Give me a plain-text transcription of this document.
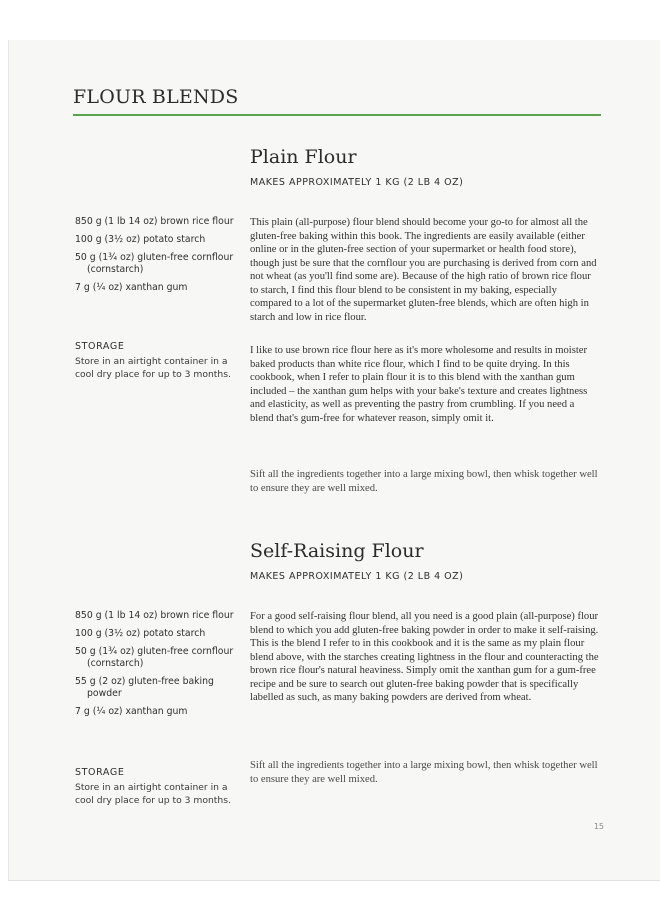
FLOUR BLENDS
Plain Flour

MAKES APPROXIMATELY 1 KG (2 LB 4 OZ)

850 g (1 lb 14 oz) brown rice flour
100 g (3½ oz) potato starch
50 g (1¾ oz) gluten-free cornflour (cornstarch)
7 g (¼ oz) xanthan gum
STORAGE

Store in an airtight container in a cool dry place for up to 3 months.

This plain (all-purpose) flour blend should become your go-to for almost all the gluten-free baking within this book. The ingredients are easily available (either online or in the gluten-free section of your supermarket or health food store), though just be sure that the cornflour you are purchasing is derived from corn and not wheat (as you'll find some are). Because of the high ratio of brown rice flour to starch, I find this flour blend to be consistent in my baking, especially compared to a lot of the supermarket gluten-free blends, which are often high in starch and low in rice flour.

I like to use brown rice flour here as it's more wholesome and results in moister baked products than white rice flour, which I find to be quite drying. In this cookbook, when I refer to plain flour it is to this blend with the xanthan gum included – the xanthan gum helps with your bake's texture and creates lightness and elasticity, as well as preventing the pastry from crumbling. If you need a blend that's gum-free for whatever reason, simply omit it.

Sift all the ingredients together into a large mixing bowl, then whisk together well to ensure they are well mixed.

Self-Raising Flour

MAKES APPROXIMATELY 1 KG (2 LB 4 OZ)

850 g (1 lb 14 oz) brown rice flour
100 g (3½ oz) potato starch
50 g (1¾ oz) gluten-free cornflour (cornstarch)
55 g (2 oz) gluten-free baking powder
7 g (¼ oz) xanthan gum
STORAGE

Store in an airtight container in a cool dry place for up to 3 months.

For a good self-raising flour blend, all you need is a good plain (all-purpose) flour blend to which you add gluten-free baking powder in order to make it self-raising. This is the blend I refer to in this cookbook and it is the same as my plain flour blend above, with the starches creating lightness in the flour and counteracting the brown rice flour's natural heaviness. Simply omit the xanthan gum for a gum-free recipe and be sure to search out gluten-free baking powder that is specifically labelled as such, as many baking powders are derived from wheat.

Sift all the ingredients together into a large mixing bowl, then whisk together well to ensure they are well mixed.

15
